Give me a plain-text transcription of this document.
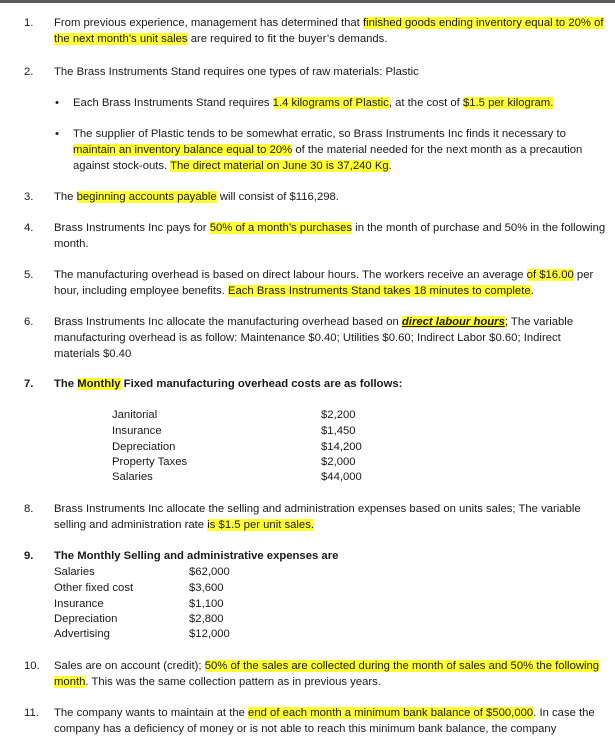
1. From previous experience, management has determined that finished goods ending inventory equal to 20% of the next month’s unit sales are required to fit the buyer’s demands.
2. The Brass Instruments Stand requires one types of raw materials: Plastic
• Each Brass Instruments Stand requires 1.4 kilograms of Plastic, at the cost of $1.5 per kilogram.
• The supplier of Plastic tends to be somewhat erratic, so Brass Instruments Inc finds it necessary to maintain an inventory balance equal to 20% of the material needed for the next month as a precaution against stock-outs. The direct material on June 30 is 37,240 Kg.
3. The beginning accounts payable will consist of $116,298.
4. Brass Instruments Inc pays for 50% of a month’s purchases in the month of purchase and 50% in the following month.
5. The manufacturing overhead is based on direct labour hours. The workers receive an average of $16.00 per hour, including employee benefits. Each Brass Instruments Stand takes 18 minutes to complete.
6. Brass Instruments Inc allocate the manufacturing overhead based on direct labour hours; The variable manufacturing overhead is as follow: Maintenance $0.40; Utilities $0.60; Indirect Labor $0.60; Indirect materials $0.40
7. The Monthly Fixed manufacturing overhead costs are as follows:
Janitorial	$2,200
Insurance	$1,450
Depreciation	$14,200
Property Taxes	$2,000
Salaries	$44,000
8. Brass Instruments Inc allocate the selling and administration expenses based on units sales; The variable selling and administration rate is $1.5 per unit sales.
9. The Monthly Selling and administrative expenses are
Salaries	$62,000
Other fixed cost	$3,600
Insurance	$1,100
Depreciation	$2,800
Advertising	$12,000
10. Sales are on account (credit); 50% of the sales are collected during the month of sales and 50% the following month. This was the same collection pattern as in previous years.
11. The company wants to maintain at the end of each month a minimum bank balance of $500,000. In case the company has a deficiency of money or is not able to reach this minimum bank balance, the company
